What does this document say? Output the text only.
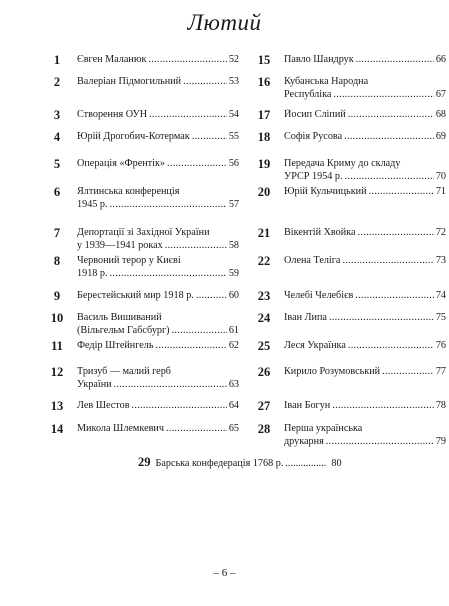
Лютий
1	Євген Маланюк .....	52
2	Валеріан Підмогильний .....	53
3	Створення ОУН .....	54
4	Юрій Дрогобич-Котермак .....	55
5	Операція «Френтік» .....	56
6	Ялтинська конференція
1945 р. .....	57
7	Депортації зі Західної України
у 1939—1941 роках .....	58
8	Червоний терор у Києві
1918 р. .....	59
9	Берестейський мир 1918 р. .....	60
10 Василь Вишиваний
(Вільгельм Габсбург) .....	61
11	Федір Штейнгель .....	62
12 Тризуб — малий герб
України .....	63
13 Лев Шестов .....	64
14 Микола Шлемкевич .....	65
15 Павло Шандрук .....	66
16 Кубанська Народна
Республіка .....	67
17 Йосип Сліпий .....	68
18 Софія Русова .....	69
19 Передача Криму до складу
УРСР 1954 р. .....	70
20 Юрій Кульчицький .....	71
21 Вікентій Хвойка .....	72
22 Олена Теліга .....	73
23 Челебі Челебієв .....	74
24 Іван Липа .....	75
25 Леся Українка .....	76
26 Кирило Розумовський .....	77
27 Іван Богун .....	78
28 Перша українська
друкарня .....	79
29 Барська конфедерація 1768 р. .....	80
– 6 –
